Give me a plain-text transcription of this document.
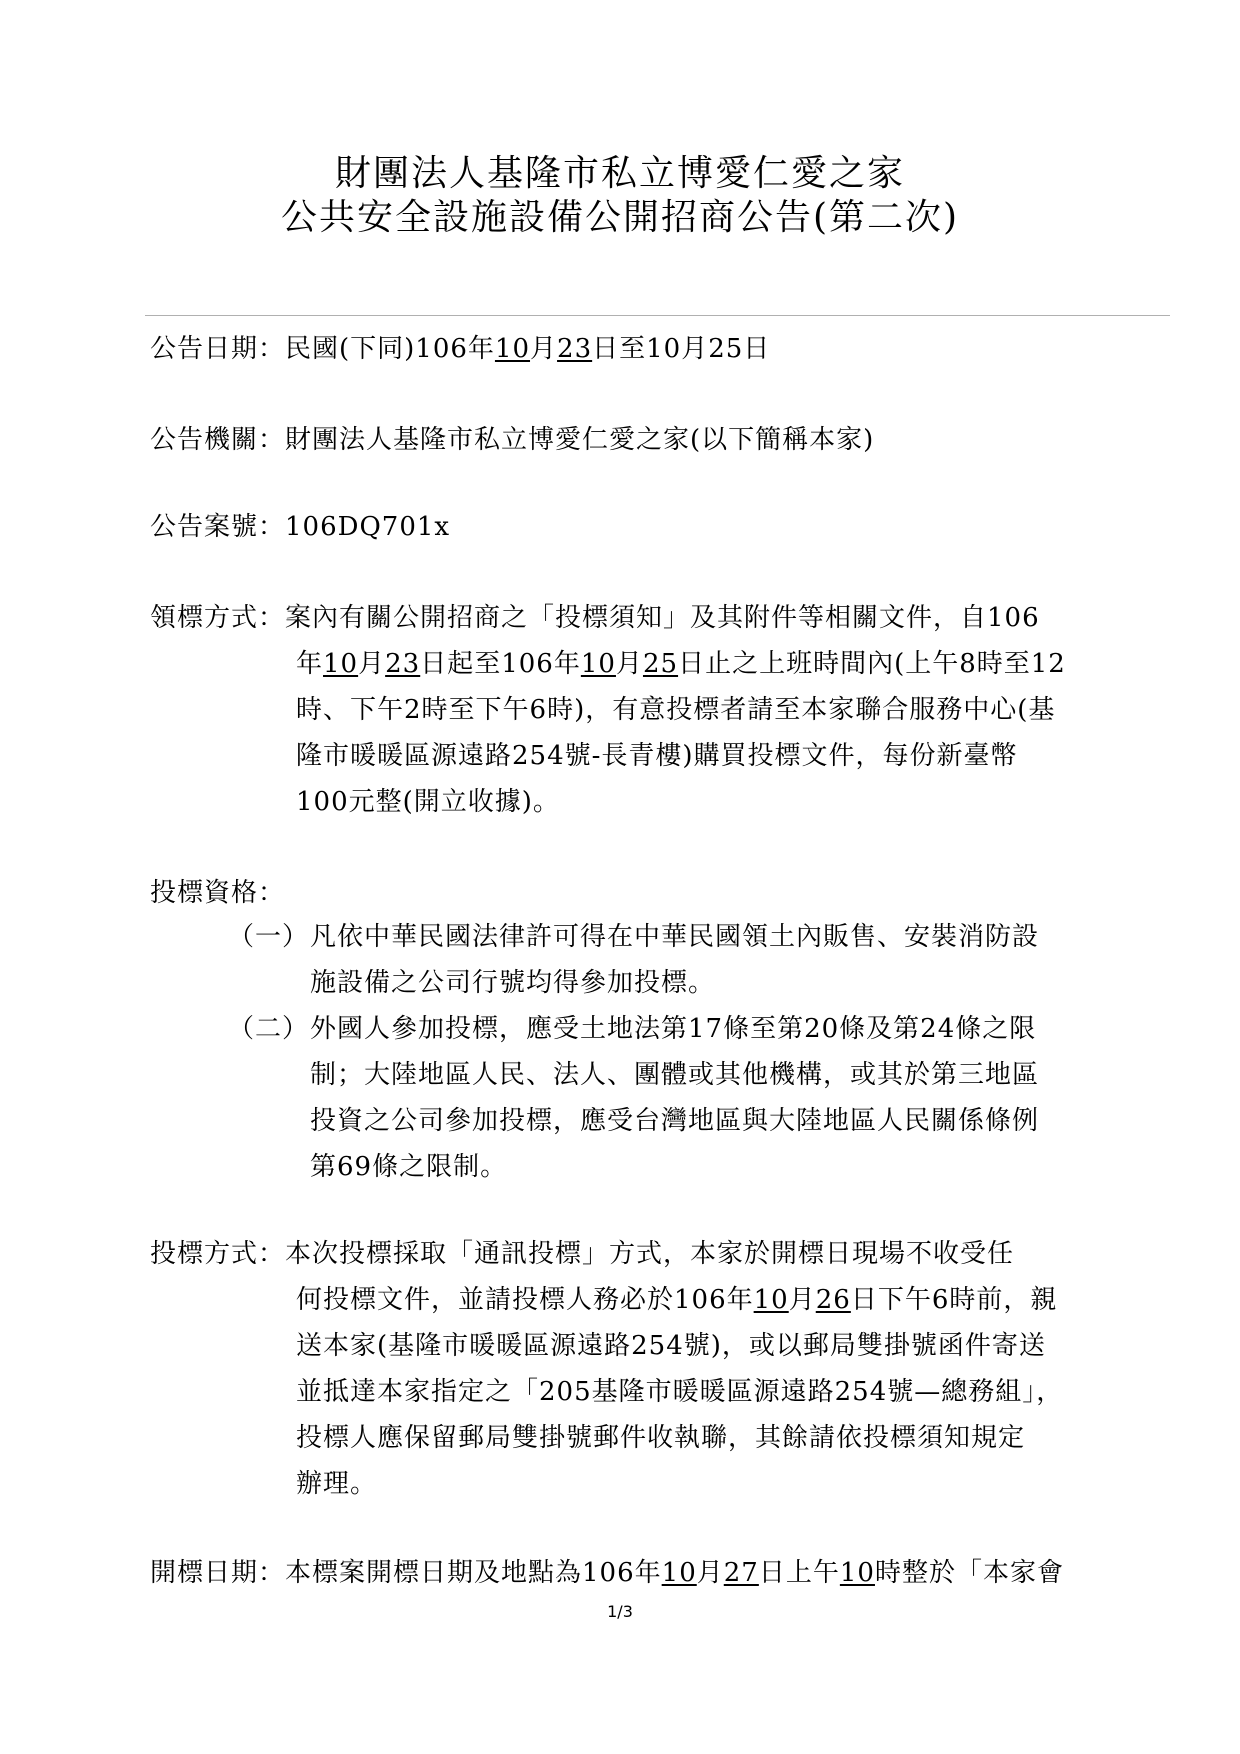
財團法人基隆市私立博愛仁愛之家
公共安全設施設備公開招商公告(第二次)
公告日期：民國(下同)106年10月23日至10月25日
公告機關：財團法人基隆市私立博愛仁愛之家(以下簡稱本家)
公告案號：106DQ701x
領標方式：案內有關公開招商之「投標須知」及其附件等相關文件，自106
年10月23日起至106年10月25日止之上班時間內(上午8時至12
時、下午2時至下午6時)，有意投標者請至本家聯合服務中心(基
隆市暖暖區源遠路254號-長青樓)購買投標文件，每份新臺幣
100元整(開立收據)。
投標資格：
（一） 凡依中華民國法律許可得在中華民國領土內販售、安裝消防設
施設備之公司行號均得參加投標。
（二） 外國人參加投標，應受土地法第17條至第20條及第24條之限
制；大陸地區人民、法人、團體或其他機構，或其於第三地區
投資之公司參加投標，應受台灣地區與大陸地區人民關係條例
第69條之限制。
投標方式：本次投標採取「通訊投標」方式，本家於開標日現場不收受任
何投標文件，並請投標人務必於106年10月26日下午6時前，親
送本家(基隆市暖暖區源遠路254號)，或以郵局雙掛號函件寄送
並抵達本家指定之「205基隆市暖暖區源遠路254號—總務組」，
投標人應保留郵局雙掛號郵件收執聯，其餘請依投標須知規定
辦理。
開標日期：本標案開標日期及地點為106年10月27日上午10時整於「本家會
1/3
